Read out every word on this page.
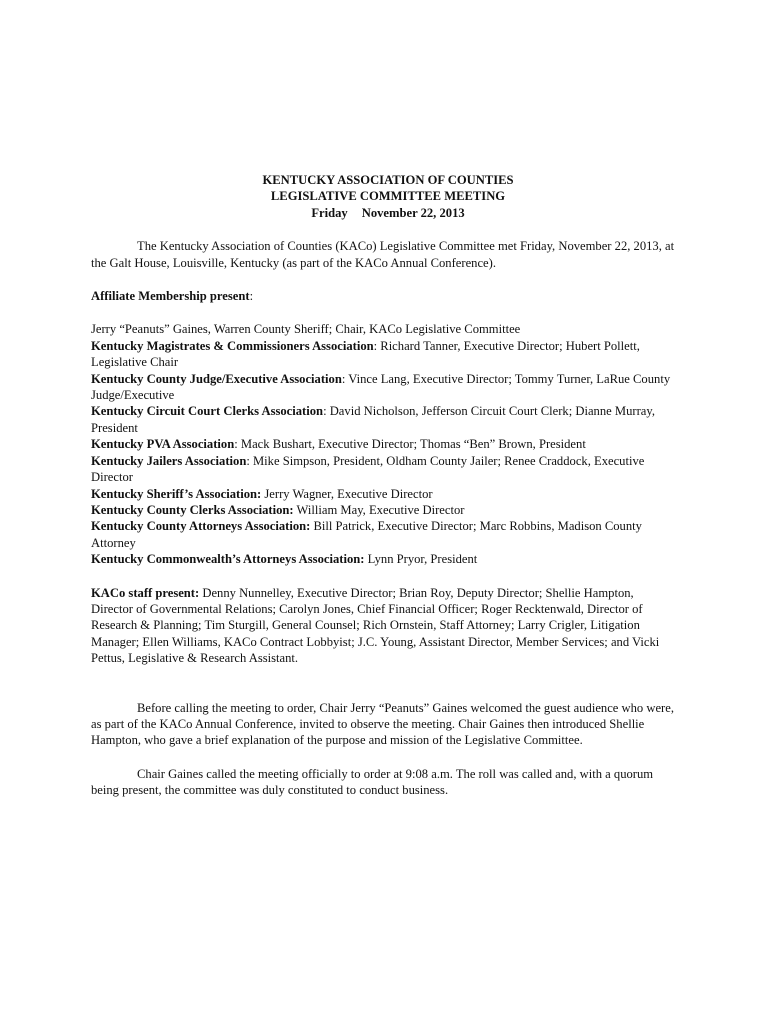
KENTUCKY ASSOCIATION OF COUNTIES
LEGISLATIVE COMMITTEE MEETING
Friday November 22, 2013

The Kentucky Association of Counties (KACo) Legislative Committee met Friday, November 22, 2013, at the Galt House, Louisville, Kentucky (as part of the KACo Annual Conference).

Affiliate Membership present:

Jerry “Peanuts” Gaines, Warren County Sheriff; Chair, KACo Legislative Committee
Kentucky Magistrates & Commissioners Association: Richard Tanner, Executive Director; Hubert Pollett, Legislative Chair
Kentucky County Judge/Executive Association: Vince Lang, Executive Director; Tommy Turner, LaRue County Judge/Executive
Kentucky Circuit Court Clerks Association: David Nicholson, Jefferson Circuit Court Clerk; Dianne Murray, President
Kentucky PVA Association: Mack Bushart, Executive Director; Thomas “Ben” Brown, President
Kentucky Jailers Association: Mike Simpson, President, Oldham County Jailer; Renee Craddock, Executive Director
Kentucky Sheriff’s Association: Jerry Wagner, Executive Director
Kentucky County Clerks Association: William May, Executive Director
Kentucky County Attorneys Association: Bill Patrick, Executive Director; Marc Robbins, Madison County Attorney
Kentucky Commonwealth’s Attorneys Association: Lynn Pryor, President

KACo staff present: Denny Nunnelley, Executive Director; Brian Roy, Deputy Director; Shellie Hampton, Director of Governmental Relations; Carolyn Jones, Chief Financial Officer; Roger Recktenwald, Director of Research & Planning; Tim Sturgill, General Counsel; Rich Ornstein, Staff Attorney; Larry Crigler, Litigation Manager; Ellen Williams, KACo Contract Lobbyist; J.C. Young, Assistant Director, Member Services; and Vicki Pettus, Legislative & Research Assistant.

Before calling the meeting to order, Chair Jerry “Peanuts” Gaines welcomed the guest audience who were, as part of the KACo Annual Conference, invited to observe the meeting. Chair Gaines then introduced Shellie Hampton, who gave a brief explanation of the purpose and mission of the Legislative Committee.

Chair Gaines called the meeting officially to order at 9:08 a.m. The roll was called and, with a quorum being present, the committee was duly constituted to conduct business.
